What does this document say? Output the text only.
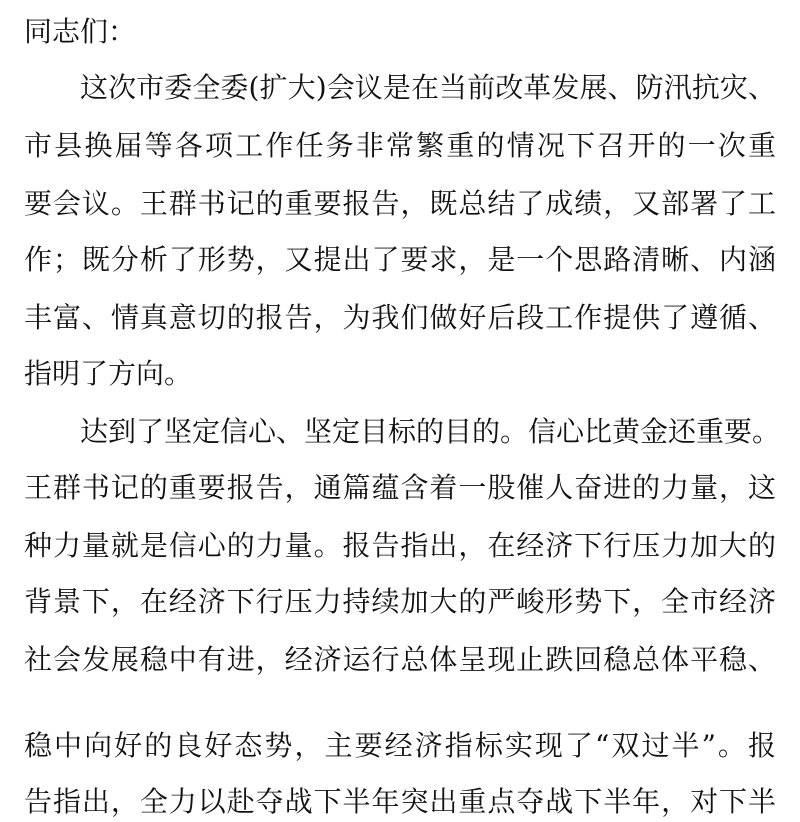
同志们：
这次市委全委(扩大)会议是在当前改革发展、防汛抗灾、
市县换届等各项工作任务非常繁重的情况下召开的一次重
要会议。王群书记的重要报告，既总结了成绩，又部署了工
作；既分析了形势，又提出了要求，是一个思路清晰、内涵
丰富、情真意切的报告，为我们做好后段工作提供了遵循、
指明了方向。
达到了坚定信心、坚定目标的目的。信心比黄金还重要。
王群书记的重要报告，通篇蕴含着一股催人奋进的力量，这
种力量就是信心的力量。报告指出，在经济下行压力加大的
背景下，在经济下行压力持续加大的严峻形势下，全市经济
社会发展稳中有进，经济运行总体呈现止跌回稳总体平稳、
稳中向好的良好态势，主要经济指标实现了“双过半”。报
告指出，全力以赴夺战下半年突出重点夺战下半年，对下半
